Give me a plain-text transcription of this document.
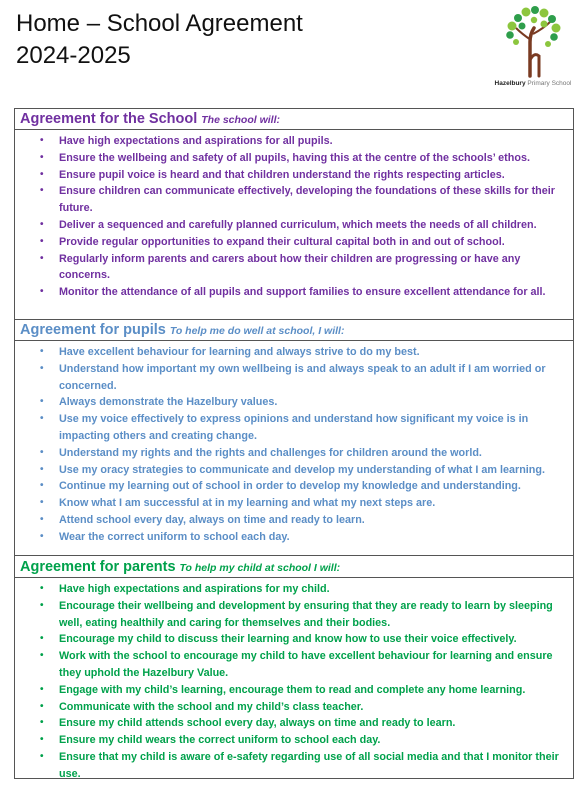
Home – School Agreement
2024-2025
Hazelbury Primary School
Agreement for the School The school will:
• Have high expectations and aspirations for all pupils.
• Ensure the wellbeing and safety of all pupils, having this at the centre of the schools’ ethos.
• Ensure pupil voice is heard and that children understand the rights respecting articles.
• Ensure children can communicate effectively, developing the foundations of these skills for their future.
• Deliver a sequenced and carefully planned curriculum, which meets the needs of all children.
• Provide regular opportunities to expand their cultural capital both in and out of school.
• Regularly inform parents and carers about how their children are progressing or have any concerns.
• Monitor the attendance of all pupils and support families to ensure excellent attendance for all.
Agreement for pupils To help me do well at school, I will:
• Have excellent behaviour for learning and always strive to do my best.
• Understand how important my own wellbeing is and always speak to an adult if I am worried or concerned.
• Always demonstrate the Hazelbury values.
• Use my voice effectively to express opinions and understand how significant my voice is in impacting others and creating change.
• Understand my rights and the rights and challenges for children around the world.
• Use my oracy strategies to communicate and develop my understanding of what I am learning.
• Continue my learning out of school in order to develop my knowledge and understanding.
• Know what I am successful at in my learning and what my next steps are.
• Attend school every day, always on time and ready to learn.
• Wear the correct uniform to school each day.
Agreement for parents To help my child at school I will:
• Have high expectations and aspirations for my child.
• Encourage their wellbeing and development by ensuring that they are ready to learn by sleeping well, eating healthily and caring for themselves and their bodies.
• Encourage my child to discuss their learning and know how to use their voice effectively.
• Work with the school to encourage my child to have excellent behaviour for learning and ensure they uphold the Hazelbury Value.
• Engage with my child’s learning, encourage them to read and complete any home learning.
• Communicate with the school and my child’s class teacher.
• Ensure my child attends school every day, always on time and ready to learn.
• Ensure my child wears the correct uniform to school each day.
• Ensure that my child is aware of e-safety regarding use of all social media and that I monitor their use.
